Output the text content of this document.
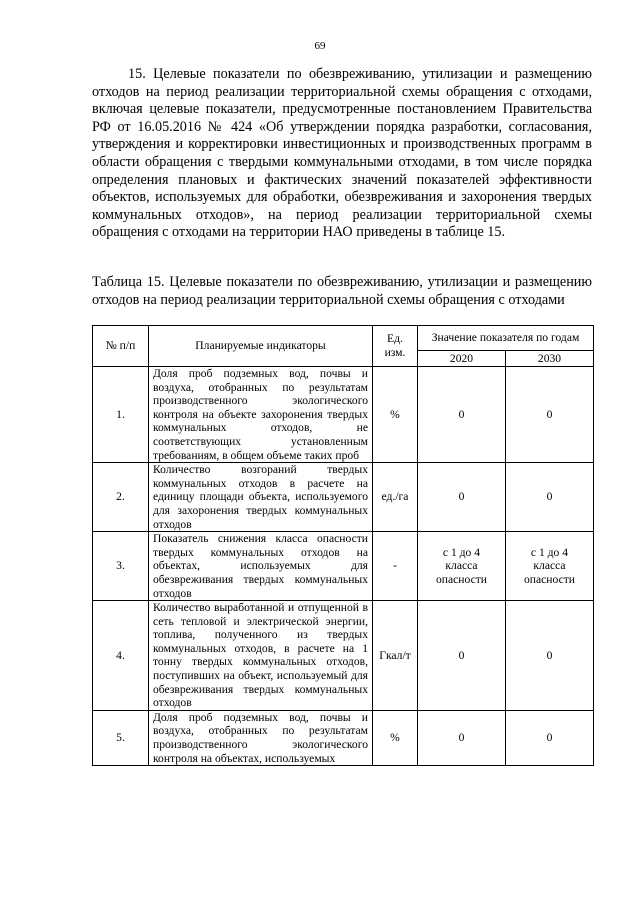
69

15. Целевые показатели по обезвреживанию, утилизации и размещению отходов на период реализации территориальной схемы обращения с отходами, включая целевые показатели, предусмотренные постановлением Правительства РФ от 16.05.2016 № 424 «Об утверждении порядка разработки, согласования, утверждения и корректировки инвестиционных и производственных программ в области обращения с твердыми коммунальными отходами, в том числе порядка определения плановых и фактических значений показателей эффективности объектов, используемых для обработки, обезвреживания и захоронения твердых коммунальных отходов», на период реализации территориальной схемы обращения с отходами на территории НАО приведены в таблице 15.

Таблица 15. Целевые показатели по обезвреживанию, утилизации и размещению отходов на период реализации территориальной схемы обращения с отходами

№ п/п	Планируемые индикаторы	Ед. изм.	Значение показателя по годам	
			2020	2030
1.	Доля проб подземных вод, почвы и воздуха, отобранных по результатам производственного экологического контроля на объекте захоронения твердых коммунальных отходов, не соответствующих установленным требованиям, в общем объеме таких проб	%	0	0
2.	Количество возгораний твердых коммунальных отходов в расчете на единицу площади объекта, используемого для захоронения твердых коммунальных отходов	ед./га	0	0
3.	Показатель снижения класса опасности твердых коммунальных отходов на объектах, используемых для обезвреживания твердых коммунальных отходов	-	с 1 до 4 класса опасности	с 1 до 4 класса опасности
4.	Количество выработанной и отпущенной в сеть тепловой и электрической энергии, топлива, полученного из твердых коммунальных отходов, в расчете на 1 тонну твердых коммунальных отходов, поступивших на объект, используемый для обезвреживания твердых коммунальных отходов	Гкал/т	0	0
5.	Доля проб подземных вод, почвы и воздуха, отобранных по результатам производственного экологического контроля на объектах, используемых	%	0	0
